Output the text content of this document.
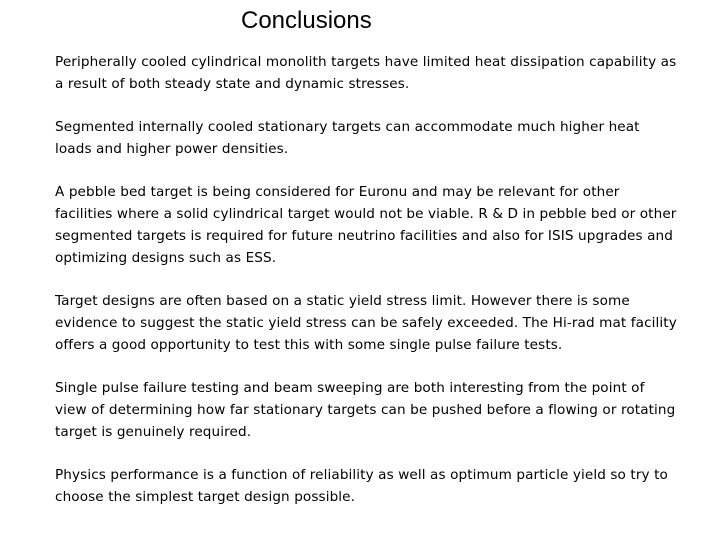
Conclusions

Peripherally cooled cylindrical monolith targets have limited heat dissipation capability as a result of both steady state and dynamic stresses.

Segmented internally cooled stationary targets can accommodate much higher heat loads and higher power densities.

A pebble bed target is being considered for Euronu and may be relevant for other facilities where a solid cylindrical target would not be viable. R & D in pebble bed or other segmented targets is required for future neutrino facilities and also for ISIS upgrades and optimizing designs such as ESS.

Target designs are often based on a static yield stress limit. However there is some evidence to suggest the static yield stress can be safely exceeded. The Hi-rad mat facility offers a good opportunity to test this with some single pulse failure tests.

Single pulse failure testing and beam sweeping are both interesting from the point of view of determining how far stationary targets can be pushed before a flowing or rotating target is genuinely required.

Physics performance is a function of reliability as well as optimum particle yield so try to choose the simplest target design possible.
